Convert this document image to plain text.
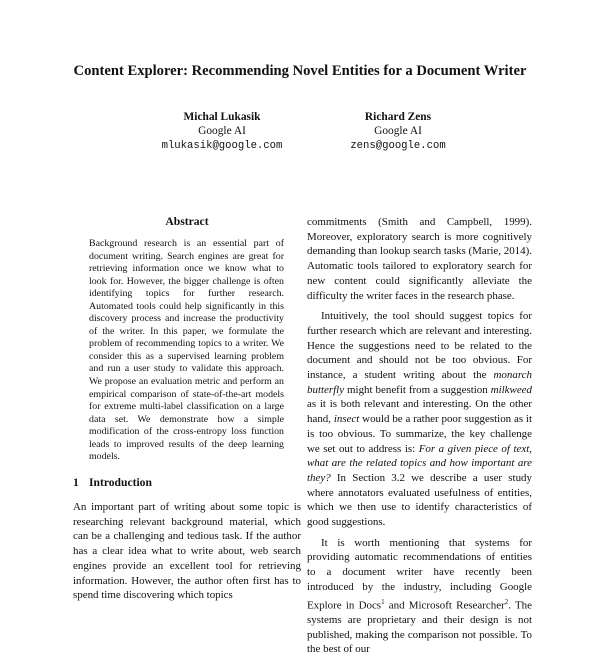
Content Explorer: Recommending Novel Entities for a Document Writer
Michal Lukasik
Google AI
mlukasik@google.com
Richard Zens
Google AI
zens@google.com
Abstract

Background research is an essential part of document writing. Search engines are great for retrieving information once we know what to look for. However, the bigger challenge is often identifying topics for further research. Automated tools could help significantly in this discovery process and increase the productivity of the writer. In this paper, we formulate the problem of recommending topics to a writer. We consider this as a supervised learning problem and run a user study to validate this approach. We propose an evaluation metric and perform an empirical comparison of state-of-the-art models for extreme multi-label classification on a large data set. We demonstrate how a simple modification of the cross-entropy loss function leads to improved results of the deep learning models.

1 Introduction

An important part of writing about some topic is researching relevant background material, which can be a challenging and tedious task. If the author has a clear idea what to write about, web search engines provide an excellent tool for retrieving information. However, the author often first has to spend time discovering which topics

commitments (Smith and Campbell, 1999). Moreover, exploratory search is more cognitively demanding than lookup search tasks (Marie, 2014). Automatic tools tailored to exploratory search for new content could significantly alleviate the difficulty the writer faces in the research phase.

Intuitively, the tool should suggest topics for further research which are relevant and interesting. Hence the suggestions need to be related to the document and should not be too obvious. For instance, a student writing about the monarch butterfly might benefit from a suggestion milkweed as it is both relevant and interesting. On the other hand, insect would be a rather poor suggestion as it is too obvious. To summarize, the key challenge we set out to address is: For a given piece of text, what are the related topics and how important are they? In Section 3.2 we describe a user study where annotators evaluated usefulness of entities, which we then use to identify characteristics of good suggestions.

It is worth mentioning that systems for providing automatic recommendations of entities to a document writer have recently been introduced by the industry, including Google Explore in Docs$^1$ and Microsoft Researcher$^2$. The systems are proprietary and their design is not published, making the comparison not possible. To the best of our
